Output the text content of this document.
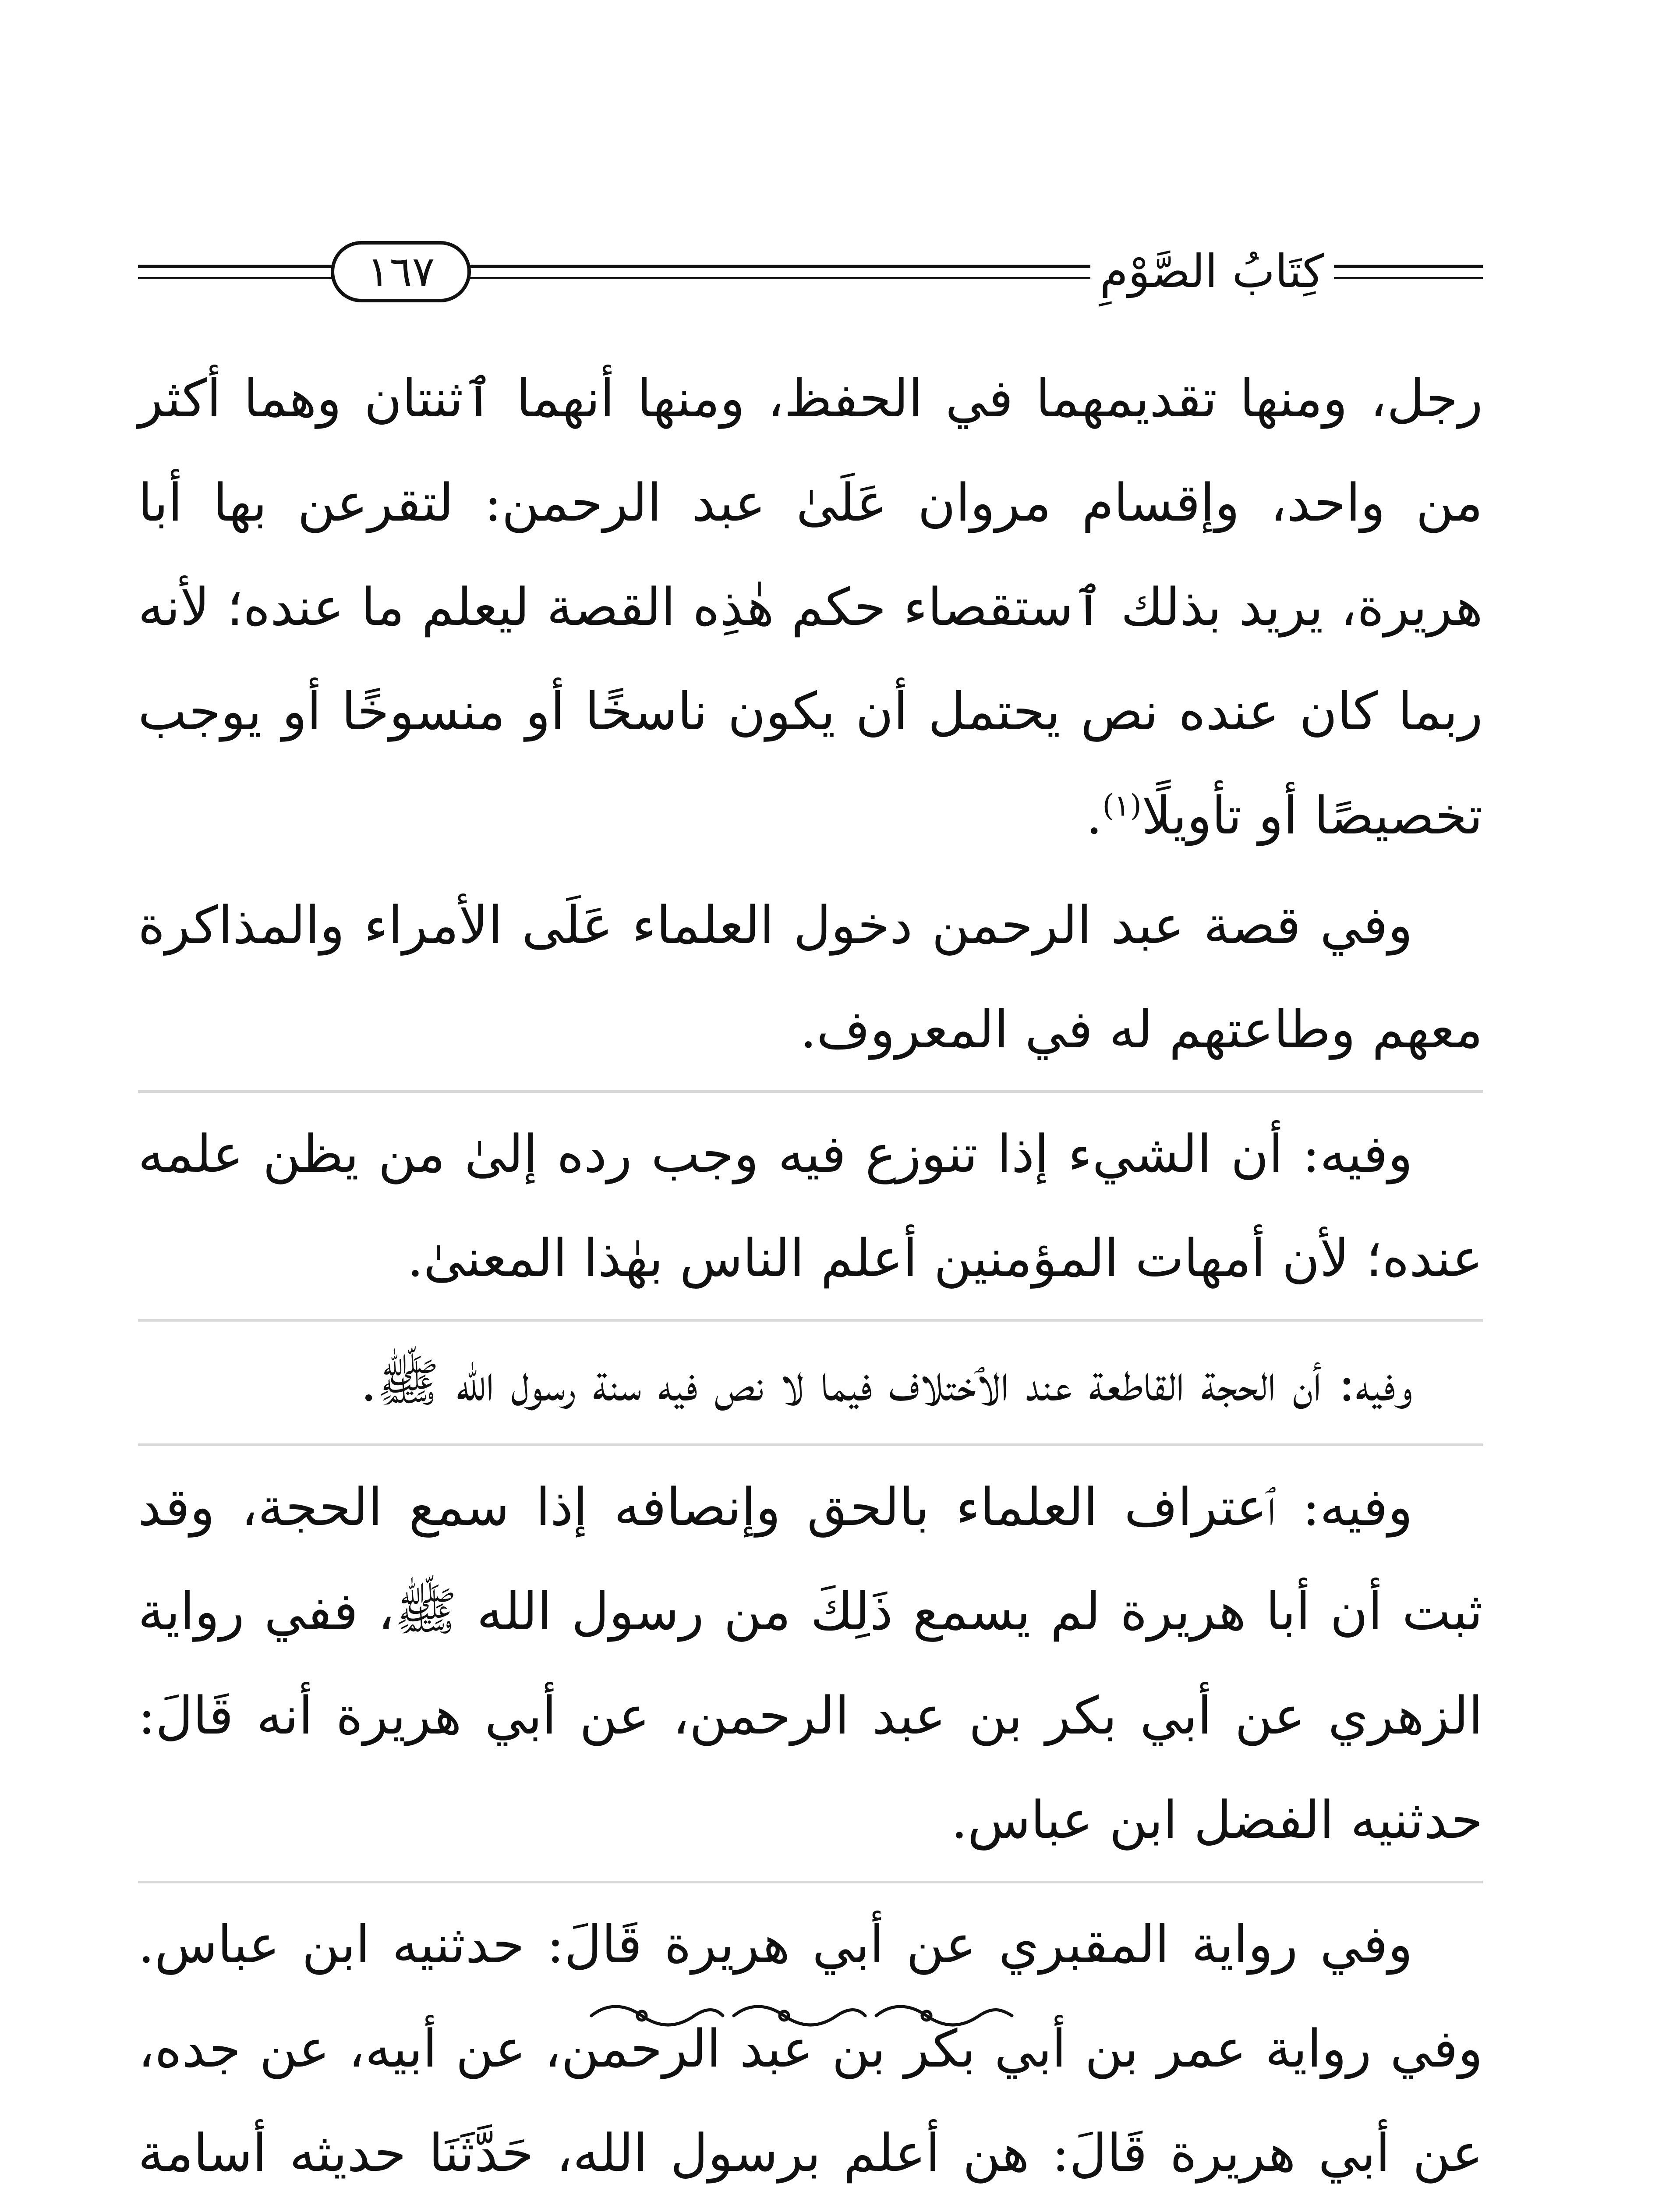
١٦٧	كِتَابُ الصَّوْمِ

رجل، ومنها تقديمهما في الحفظ، ومنها أنهما ٱثنتان وهما أكثر من واحد، وإقسام مروان عَلَىٰ عبد الرحمن: لتقرعن بها أبا هريرة، يريد بذلك ٱستقصاء حكم هٰذِه القصة ليعلم ما عنده؛ لأنه ربما كان عنده نص يحتمل أن يكون ناسخًا أو منسوخًا أو يوجب تخصيصًا أو تأويلًا$^{(١)}$.

وفي قصة عبد الرحمن دخول العلماء عَلَى الأمراء والمذاكرة معهم وطاعتهم له في المعروف.

وفيه: أن الشيء إذا تنوزع فيه وجب رده إلىٰ من يظن علمه عنده؛ لأن أمهات المؤمنين أعلم الناس بهٰذا المعنىٰ.

وفيه: أن الحجة القاطعة عند الٱختلاف فيما لا نص فيه سنة رسول الله ﷺ.

وفيه: ٱعتراف العلماء بالحق وإنصافه إذا سمع الحجة، وقد ثبت أن أبا هريرة لم يسمع ذَلِكَ من رسول الله ﷺ، ففي رواية الزهري عن أبي بكر بن عبد الرحمن، عن أبي هريرة أنه قَالَ: حدثنيه الفضل ابن عباس.

وفي رواية المقبري عن أبي هريرة قَالَ: حدثنيه ابن عباس. وفي رواية عمر بن أبي بكر بن عبد الرحمن، عن أبيه، عن جده، عن أبي هريرة قَالَ: هن أعلم برسول الله، حَدَّثَنَا حديثه أسامة
